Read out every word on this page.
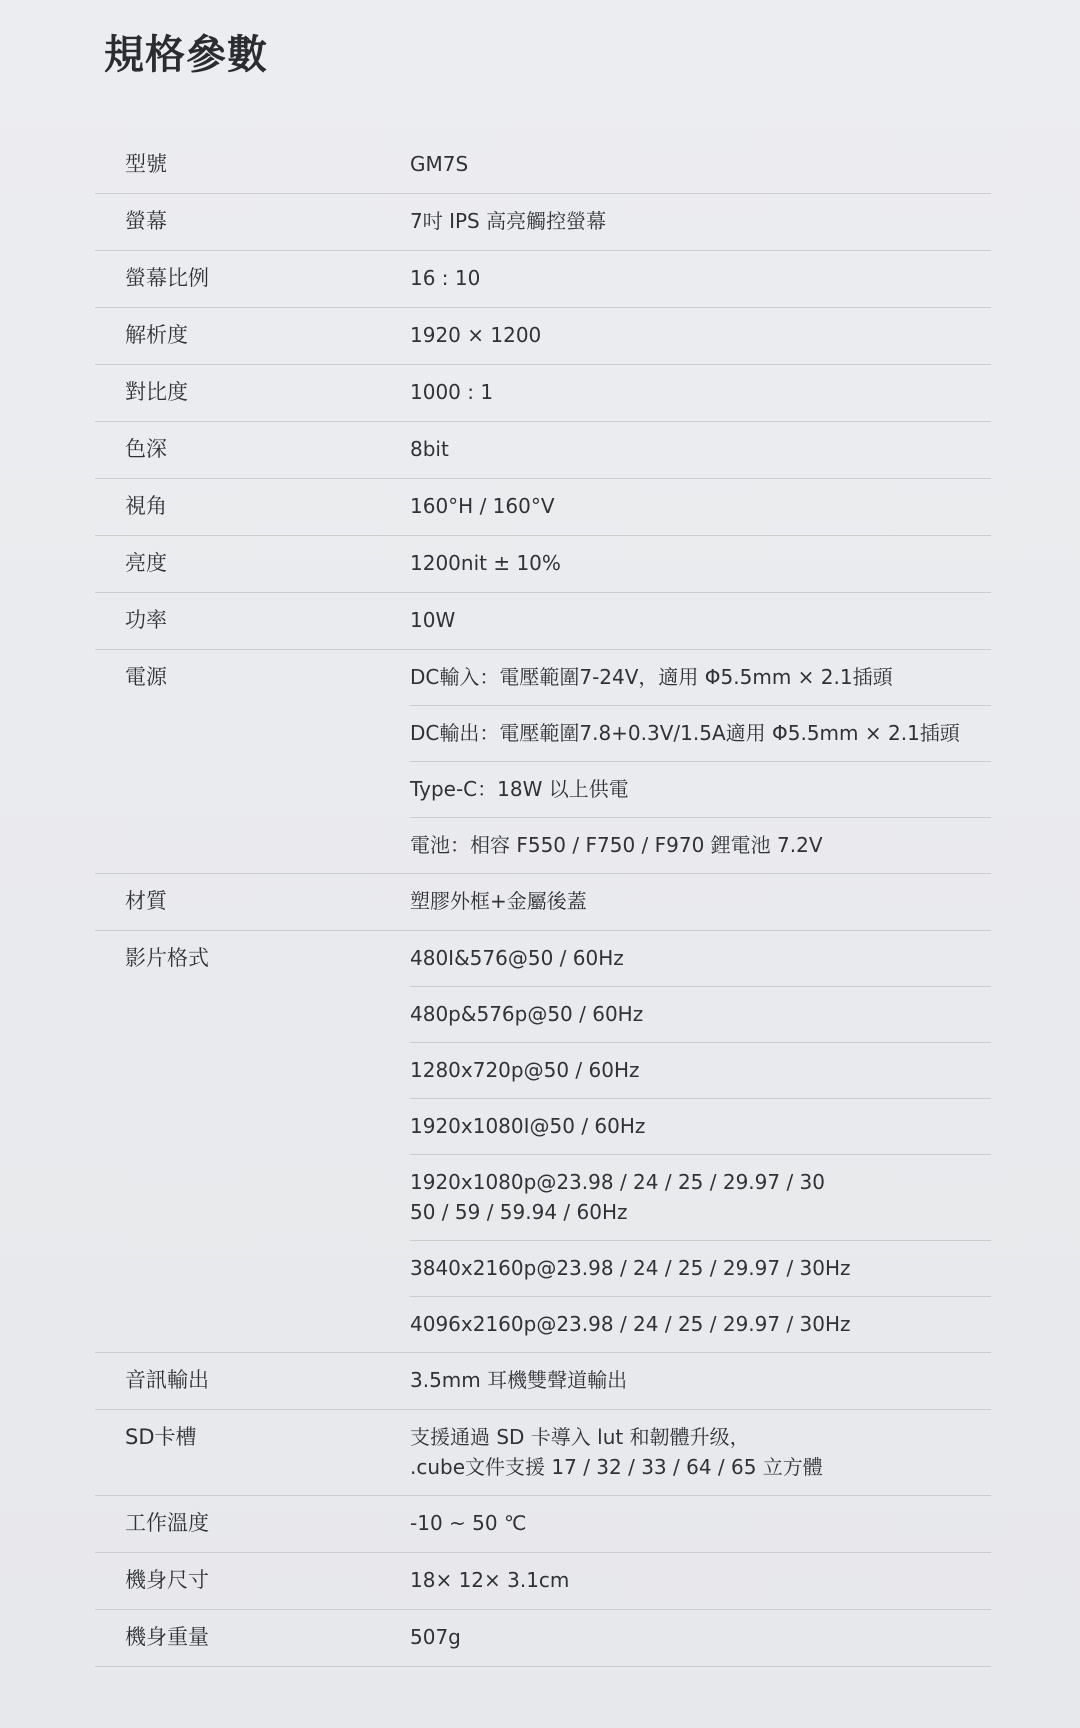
規格參數
型號	GM7S
螢幕	7吋 IPS 高亮觸控螢幕
螢幕比例	16 : 10
解析度	1920 × 1200
對比度	1000 : 1
色深	8bit
視角	160°H / 160°V
亮度	1200nit ± 10%
功率	10W
電源	DC輸入：電壓範圍7-24V，適用 Φ5.5mm × 2.1插頭
DC輸出：電壓範圍7.8+0.3V/1.5A適用 Φ5.5mm × 2.1插頭
Type-C：18W 以上供電
電池：相容 F550 / F750 / F970 鋰電池 7.2V
材質	塑膠外框+金屬後蓋
影片格式	480I&576@50 / 60Hz
480p&576p@50 / 60Hz
1280x720p@50 / 60Hz
1920x1080I@50 / 60Hz
1920x1080p@23.98 / 24 / 25 / 29.97 / 30
50 / 59 / 59.94 / 60Hz
3840x2160p@23.98 / 24 / 25 / 29.97 / 30Hz
4096x2160p@23.98 / 24 / 25 / 29.97 / 30Hz
音訊輸出	3.5mm 耳機雙聲道輸出
SD卡槽	支援通過 SD 卡導入 lut 和韌體升级，
.cube文件支援 17 / 32 / 33 / 64 / 65 立方體
工作溫度	-10 ~ 50 ℃
機身尺寸	18× 12× 3.1cm
機身重量	507g
